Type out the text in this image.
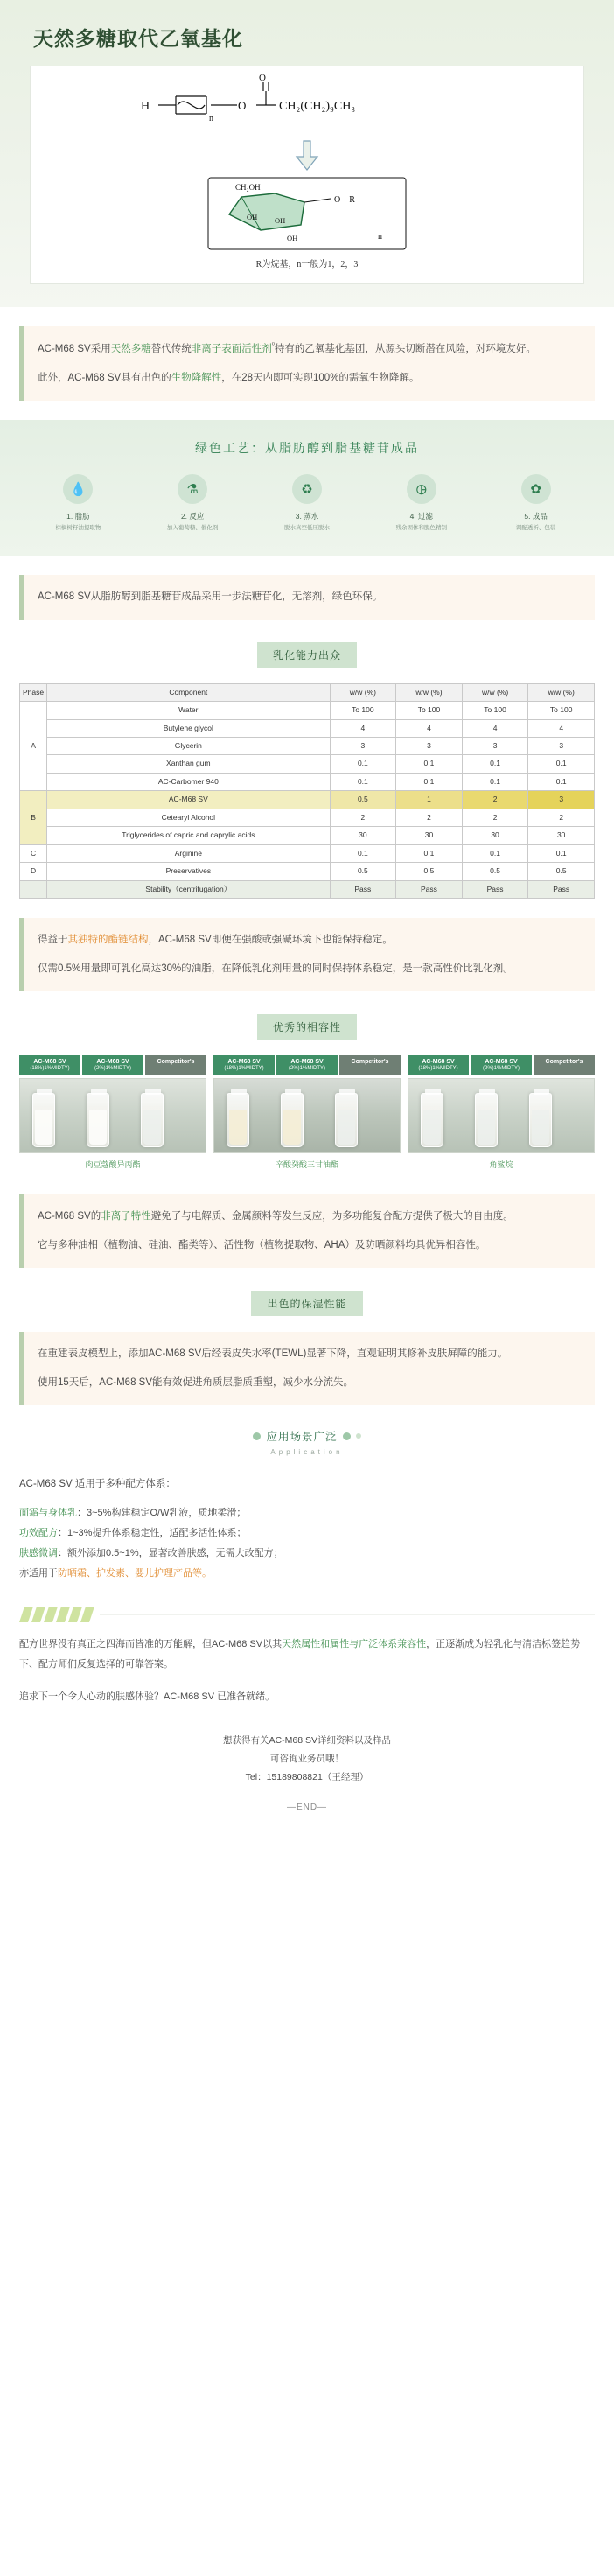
天然多糖取代乙氧基化
H
n
O
O
CH₂(CH₂)₉CH₃
CH₂OH
OH OH
OH
O—R
n
R为烷基，n一般为1，2，3

AC-M68 SV采用天然多糖替代传统非离子表面活性剂$^{^0}$特有的乙氧基化基团，从源头切断潜在风险，对环境友好。

此外，AC-M68 SV具有出色的生物降解性，在28天内即可实现100%的需氧生物降解。

绿色工艺：从脂肪醇到脂基糖苷成品
💧
1. 脂肪
棕榈树籽油提取物
⚗
2. 反应
加入葡萄糖、催化剂
♻
3. 蒸水
脱水真空低压脱水
🜖
4. 过滤
残余固体和脱色精制
✿
5. 成品
调配透析、包装

AC-M68 SV从脂肪醇到脂基糖苷成品采用一步法糖苷化，无溶剂，绿色环保。

乳化能力出众
Phase	Component	w/w (%)	w/w (%)	w/w (%)	w/w (%)
A	Water	To 100	To 100	To 100	To 100
	Butylene glycol	4	4	4	4
	Glycerin	3	3	3	3
	Xanthan gum	0.1	0.1	0.1	0.1
	AC-Carbomer 940	0.1	0.1	0.1	0.1
B	AC-M68 SV	0.5	1	2	3
	Cetearyl Alcohol	2	2	2	2
	Triglycerides of capric and caprylic acids	30	30	30	30
C	Arginine	0.1	0.1	0.1	0.1
D	Preservatives	0.5	0.5	0.5	0.5
	Stability（centrifugation）	Pass	Pass	Pass	Pass

得益于其独特的酯链结构，AC-M68 SV即便在强酸或强碱环境下也能保持稳定。

仅需0.5%用量即可乳化高达30%的油脂，在降低乳化剂用量的同时保持体系稳定，是一款高性价比乳化剂。

优秀的相容性
AC-M68 SV
(18%)1%MIDTY)
AC-M68 SV
(2%)1%MIDTY)
Competitor's
肉豆蔻酸异丙酯
AC-M68 SV
(18%)1%MIDTY)
AC-M68 SV
(2%)1%MIDTY)
Competitor's
辛酸癸酸三甘油酯
AC-M68 SV
(18%)1%MIDTY)
AC-M68 SV
(2%)1%MIDTY)
Competitor's
角鲨烷

AC-M68 SV的非离子特性避免了与电解质、金属颜料等发生反应，为多功能复合配方提供了极大的自由度。

它与多种油相（植物油、硅油、酯类等）、活性物（植物提取物、AHA）及防晒颜料均具优异相容性。

出色的保湿性能

在重建表皮模型上，添加AC-M68 SV后经表皮失水率(TEWL)显著下降，直观证明其修补皮肤屏障的能力。

使用15天后，AC-M68 SV能有效促进角质层脂质重塑，减少水分流失。

应用场景广泛
Application
AC-M68 SV 适用于多种配方体系：
面霜与身体乳：3~5%构建稳定O/W乳液，质地柔滑；
功效配方：1~3%提升体系稳定性，适配多活性体系；
肤感微调：额外添加0.5~1%，显著改善肤感，无需大改配方；
亦适用于防晒霜、护发素、婴儿护理产品等。

配方世界没有真正之四海而皆准的万能解，但AC-M68 SV以其天然属性和属性与广泛体系兼容性，正逐渐成为轻乳化与清洁标签趋势下、配方师们反复选择的可靠答案。

追求下一个令人心动的肤感体验？AC-M68 SV 已准备就绪。

想获得有关AC-M68 SV详细资料以及样品
可咨询业务员哦！
Tel：15189808821（王经理）
—END—
